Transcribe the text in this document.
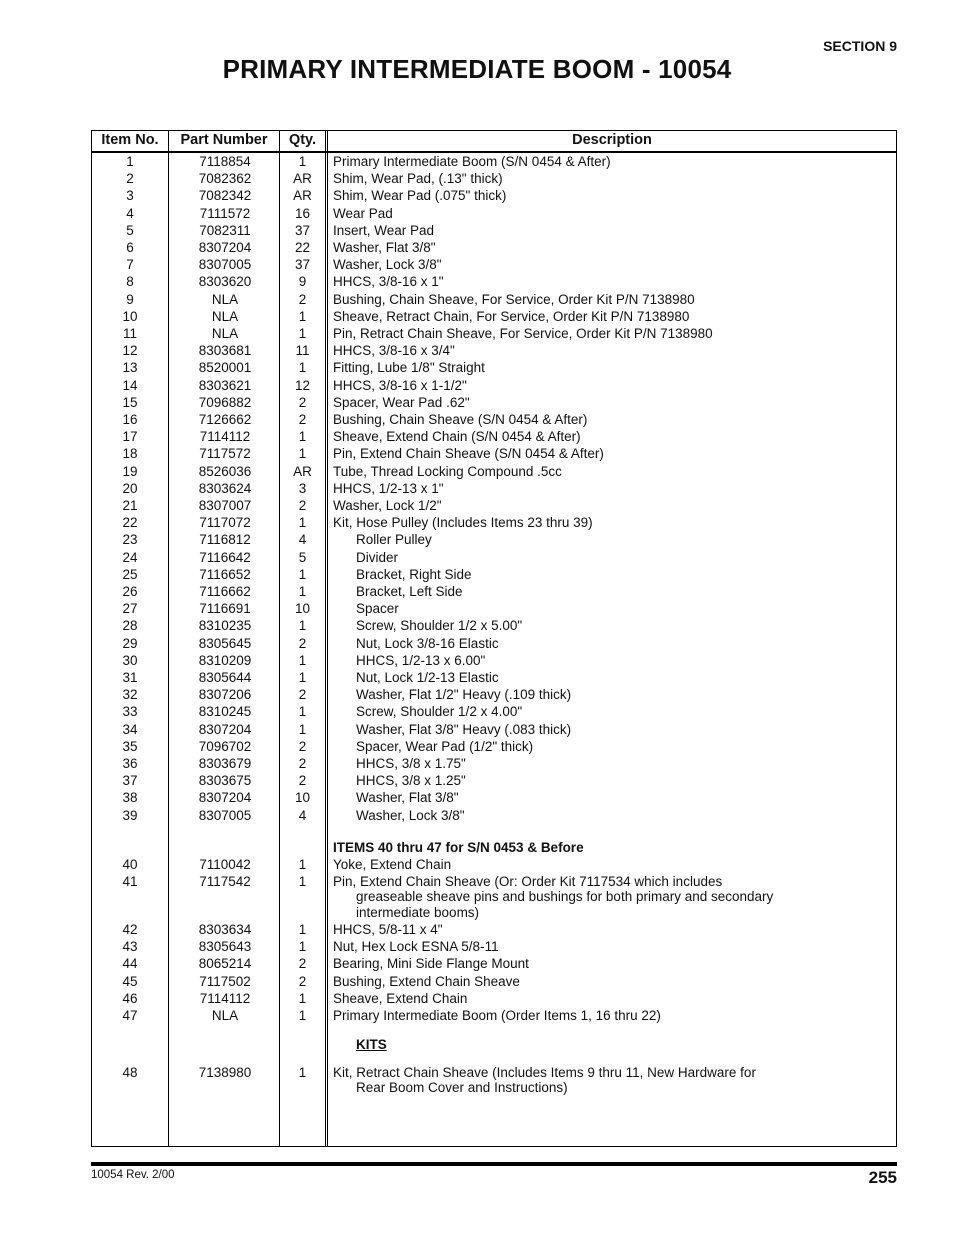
SECTION 9
PRIMARY INTERMEDIATE BOOM - 10054
Item No.	Part Number	Qty.	Description
ITEMS 40 thru 47 for S/N 0453 & Before
KITS
1	7118854	1	Primary Intermediate Boom (S/N 0454 & After)
2	7082362	AR	Shim, Wear Pad, (.13" thick)
3	7082342	AR	Shim, Wear Pad (.075" thick)
4	7111572	16	Wear Pad
5	7082311	37	Insert, Wear Pad
6	8307204	22	Washer, Flat 3/8"
7	8307005	37	Washer, Lock 3/8"
8	8303620	9	HHCS, 3/8-16 x 1"
9	NLA	2	Bushing, Chain Sheave, For Service, Order Kit P/N 7138980
10	NLA	1	Sheave, Retract Chain, For Service, Order Kit P/N 7138980
11	NLA	1	Pin, Retract Chain Sheave, For Service, Order Kit P/N 7138980
12	8303681	11	HHCS, 3/8-16 x 3/4"
13	8520001	1	Fitting, Lube 1/8" Straight
14	8303621	12	HHCS, 3/8-16 x 1-1/2"
15	7096882	2	Spacer, Wear Pad .62"
16	7126662	2	Bushing, Chain Sheave (S/N 0454 & After)
17	7114112	1	Sheave, Extend Chain (S/N 0454 & After)
18	7117572	1	Pin, Extend Chain Sheave (S/N 0454 & After)
19	8526036	AR	Tube, Thread Locking Compound .5cc
20	8303624	3	HHCS, 1/2-13 x 1"
21	8307007	2	Washer, Lock 1/2"
22	7117072	1	Kit, Hose Pulley (Includes Items 23 thru 39)
23	7116812	4	Roller Pulley
24	7116642	5	Divider
25	7116652	1	Bracket, Right Side
26	7116662	1	Bracket, Left Side
27	7116691	10	Spacer
28	8310235	1	Screw, Shoulder 1/2 x 5.00"
29	8305645	2	Nut, Lock 3/8-16 Elastic
30	8310209	1	HHCS, 1/2-13 x 6.00"
31	8305644	1	Nut, Lock 1/2-13 Elastic
32	8307206	2	Washer, Flat 1/2" Heavy (.109 thick)
33	8310245	1	Screw, Shoulder 1/2 x 4.00"
34	8307204	1	Washer, Flat 3/8" Heavy (.083 thick)
35	7096702	2	Spacer, Wear Pad (1/2" thick)
36	8303679	2	HHCS, 3/8 x 1.75"
37	8303675	2	HHCS, 3/8 x 1.25"
38	8307204	10	Washer, Flat 3/8"
39	8307005	4	Washer, Lock 3/8"
40	7110042	1	Yoke, Extend Chain
41	7117542	1	Pin, Extend Chain Sheave (Or: Order Kit 7117534 which includes
greaseable sheave pins and bushings for both primary and secondary
intermediate booms)
42	8303634	1	HHCS, 5/8-11 x 4"
43	8305643	1	Nut, Hex Lock ESNA 5/8-11
44	8065214	2	Bearing, Mini Side Flange Mount
45	7117502	2	Bushing, Extend Chain Sheave
46	7114112	1	Sheave, Extend Chain
47	NLA	1	Primary Intermediate Boom (Order Items 1, 16 thru 22)
48	7138980	1	Kit, Retract Chain Sheave (Includes Items 9 thru 11, New Hardware for
Rear Boom Cover and Instructions)
10054 Rev. 2/00	255
